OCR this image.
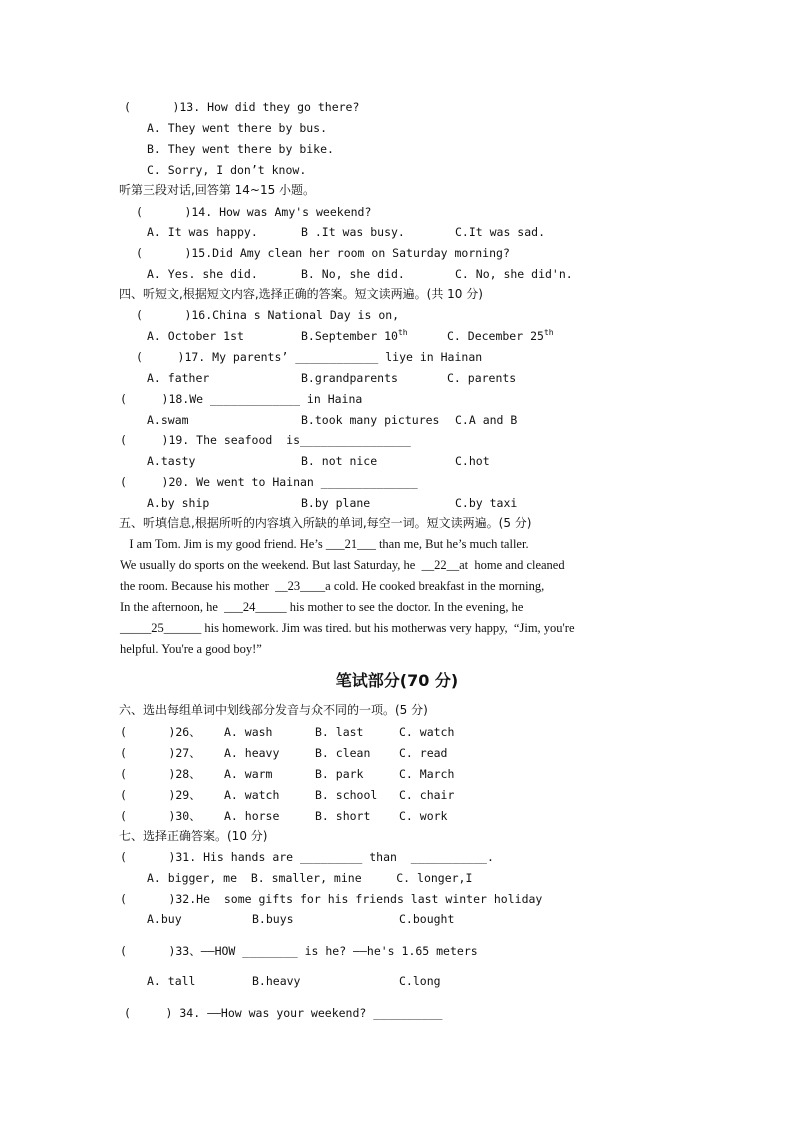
(      )13. How did they go there?
A. They went there by bus.
B. They went there by bike.
C. Sorry, I don’t know.
听第三段对话,回答第 14~15 小题。
(      )14. How was Amy's weekend?
A. It was happy.	B .It was busy.	C.It was sad.
(      )15.Did Amy clean her room on Saturday morning?
A. Yes. she did.	B. No, she did.	C. No, she did'n.
四、听短文,根据短文内容,选择正确的答案。短文读两遍。(共 10 分)
(      )16.China s National Day is on,
A. October 1st	B.September 10th	C. December 25th
(     )17. My parents’ ____________ liye in Hainan
A. father	B.grandparents	C. parents
(     )18.We _____________ in Haina
A.swam	B.took many pictures C.A and B
(     )19. The seafood  is________________
A.tasty	B. not nice	C.hot
(     )20. We went to Hainan ______________
A.by ship	B.by plane	C.by taxi
五、听填信息,根据所听的内容填入所缺的单词,每空一词。短文读两遍。(5 分)
I am Tom. Jim is my good friend. He’s ___21___ than me, But he’s much taller.
We usually do sports on the weekend. But last Saturday, he  __22__at  home and cleaned
the room. Because his mother  __23____a cold. He cooked breakfast in the morning,
In the afternoon, he  ___24_____ his mother to see the doctor. In the evening, he
_____25______ his homework. Jim was tired. but his motherwas very happy,  “Jim, you're
helpful. You're a good boy!”
笔试部分(70 分)
六、选出每组单词中划线部分发音与众不同的一项。(5 分)
(      )26、 A. wash	B. last	C. watch
(      )27、 A. heavy	B. clean C. read
(      )28、 A. warm	B. park	C. March
(      )29、 A. watch	B. school C. chair
(      )30、 A. horse	B. short C. work
七、选择正确答案。(10 分)
(      )31. His hands are _________ than  ___________.
A. bigger, me  B. smaller, mine     C. longer,I
(      )32.He  some gifts for his friends last winter holiday
A.buy	B.buys	C.bought
(      )33、——HOW ________ is he? ——he's 1.65 meters
A. tall	B.heavy	C.long
(     ) 34. ——How was your weekend? __________
